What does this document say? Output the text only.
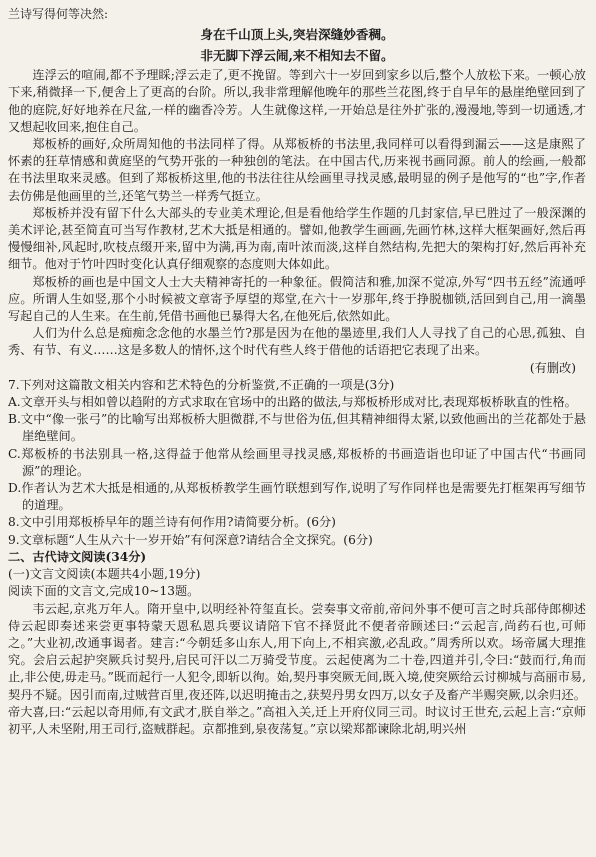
兰诗写得何等决然:

身在千山顶上头,突岩深缝妙香稠。

非无脚下浮云闹,来不相知去不留。

连浮云的喧闹,都不予理睬;浮云走了,更不挽留。等到六十一岁回到家乡以后,整个人放松下来。一顿心放下来,稍微择一下,便舍上了更高的台阶。所以,我非常理解他晚年的那些兰花图,终于自早年的悬崖绝壁回到了他的庭院,好好地养在尺盆,一样的幽香冷芳。人生就像这样,一开始总是往外扩张的,漫漫地,等到一切通透,才又想起收回来,抱住自己。

郑板桥的画好,众所周知他的书法同样了得。从郑板桥的书法里,我同样可以看得到漏云——这是康熙了怀素的狂草情感和黄庭坚的气势开张的一种独创的笔法。在中国古代,历来视书画同源。前人的绘画,一般都在书法里取来灵感。但到了郑板桥这里,他的书法往往从绘画里寻找灵感,最明显的例子是他写的“也”字,作者去仿佛是他画里的兰,还笔气势兰一样秀气挺立。

郑板桥并没有留下什么大部头的专业美术理论,但是看他给学生作题的几封家信,早已胜过了一般深渊的美术评论,甚至简直可当写作教材,艺术大抵是相通的。譬如,他教学生画画,先画竹林,这样大框架画好,然后再慢慢细补,风起时,吹枝点缀开来,留中为满,再为南,南叶浓而淡,这样自然结构,先把大的架构打好,然后再补充细节。他对于竹叶四时变化认真仔细观察的态度则大体如此。

郑板桥的画也是中国文人士大夫精神寄托的一种象征。假简洁和雅,加深不觉凉,外写“四书五经”流通呼应。所谓人生如竖,那个小时候被文章寄予厚望的郑堂,在六十一岁那年,终于挣脱枷锁,活回到自己,用一滴墨写起自己的人生来。在生前,凭借书画他已暴得大名,在他死后,依然如此。

人们为什么总是痴痴念念他的水墨兰竹?那是因为在他的墨迹里,我们人人寻找了自己的心思,孤独、自秀、有节、有义……这是多数人的情怀,这个时代有些人终于借他的话语把它表现了出来。

(有删改)

7.下列对这篇散文相关内容和艺术特色的分析鉴赏,不正确的一项是(3分)

A.文章开头与相如曾以趋附的方式求取在官场中的出路的做法,与郑板桥形成对比,表现郑板桥耿直的性格。

B.文中“像一张弓”的比喻写出郑板桥大胆微群,不与世俗为伍,但其精神细得太紧,以致他画出的兰花都处于悬崖绝壁间。

C.郑板桥的书法别具一格,这得益于他常从绘画里寻找灵感,郑板桥的书画造诣也印证了中国古代“书画同源”的理论。

D.作者认为艺术大抵是相通的,从郑板桥教学生画竹联想到写作,说明了写作同样也是需要先打框架再写细节的道理。

8.文中引用郑板桥早年的题兰诗有何作用?请简要分析。(6分)

9.文章标题“人生从六十一岁开始”有何深意?请结合全文探究。(6分)

二、古代诗文阅读(34分)

(一)文言文阅读(本题共4小题,19分)

阅读下面的文言文,完成10~13题。

韦云起,京兆万年人。隋开皇中,以明经补符玺直长。尝奏事文帝前,帝问外事不便可言之时兵部侍郎柳述侍云起即奏述来尝更事特蒙天恩私恩兵要议请陪下官不择贤此不便者帝顾述曰:“云起言,尚药石也,可师之。”大业初,改通事谒者。建言:“今朝廷多山东人,用下向上,不相宾激,必乱政。”周秀所以欢。场帝属大理推究。会启云起护突厥兵讨契丹,启民可汗以二万骑受节度。云起使离为二十卷,四道并引,令曰:“鼓而行,角而止,非公使,毋走马。”既而起行一人犯令,即斩以徇。始,契丹事突厥无间,既入境,使突厥给云讨柳城与高丽市易,契丹不疑。因引而南,过贼营百里,夜还阵,以迟明掩击之,获契丹男女四万,以女子及畜产半赐突厥,以余归还。帝大喜,曰:“云起以奇用师,有文武才,朕自举之。”高祖入关,迁上开府仪同三司。时议讨王世充,云起上言:“京师初平,人未坚附,用王司行,盗贼群起。京都推到,泉夜荡复。”京以梁郑都谏除北胡,明兴州
